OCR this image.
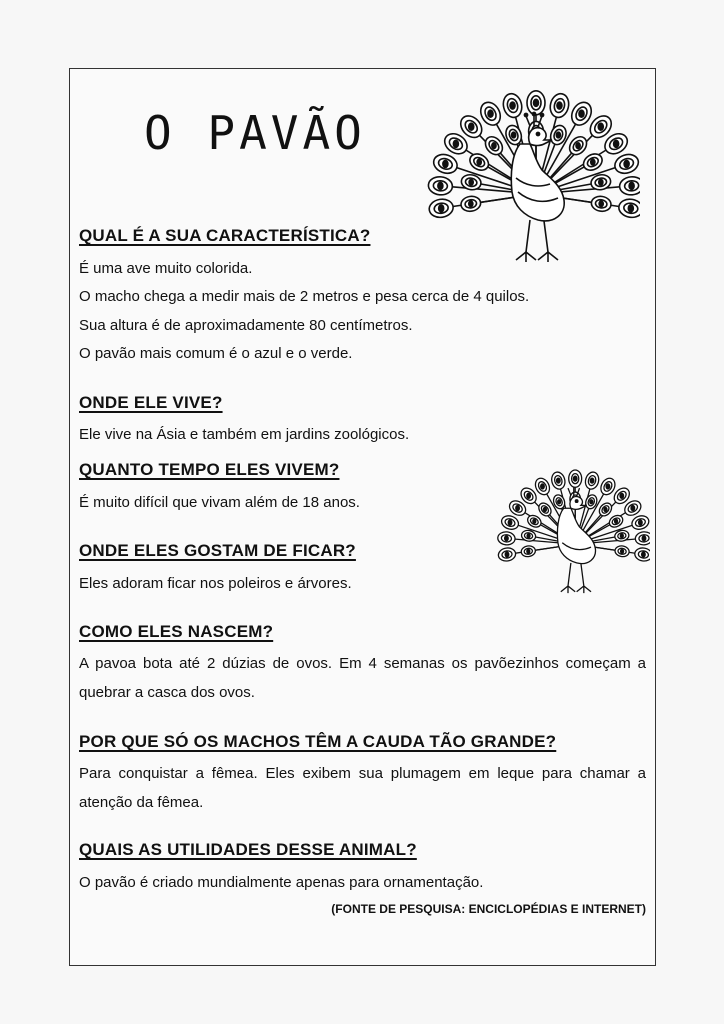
O PAVÃO
QUAL É A SUA CARACTERÍSTICA?

É uma ave muito colorida.

O macho chega a medir mais de 2 metros e pesa cerca de 4 quilos.

Sua altura é de aproximadamente 80 centímetros.

O pavão mais comum é o azul e o verde.

ONDE ELE VIVE?

Ele vive na Ásia e também em jardins zoológicos.

QUANTO TEMPO ELES VIVEM?

É muito difícil que vivam além de 18 anos.

ONDE ELES GOSTAM DE FICAR?

Eles adoram ficar nos poleiros e árvores.

COMO ELES NASCEM?

A pavoa bota até 2 dúzias de ovos. Em 4 semanas os pavõezinhos começam a quebrar a casca dos ovos.

POR QUE SÓ OS MACHOS TÊM A CAUDA TÃO GRANDE?

Para conquistar a fêmea. Eles exibem sua plumagem em leque para chamar a atenção da fêmea.

QUAIS AS UTILIDADES DESSE ANIMAL?

O pavão é criado mundialmente apenas para ornamentação.

(FONTE DE PESQUISA: ENCICLOPÉDIAS E INTERNET)
